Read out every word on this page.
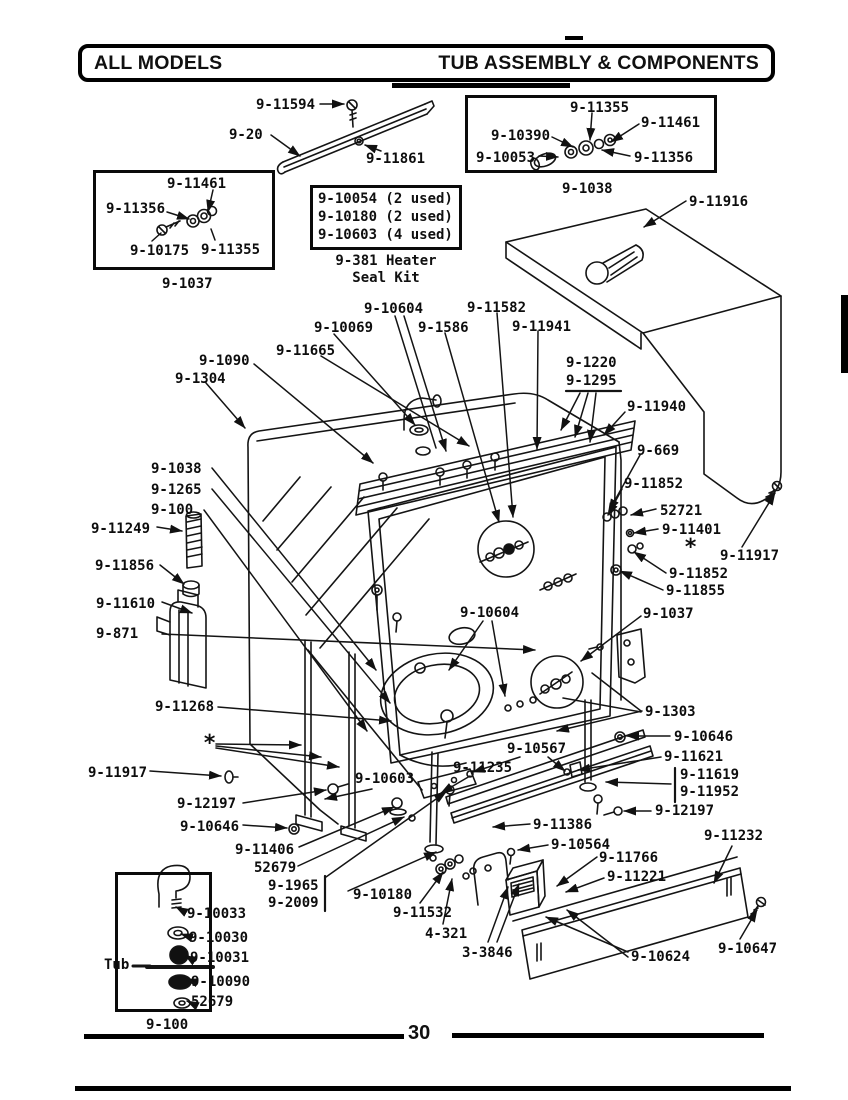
ALL MODELS	TUB ASSEMBLY & COMPONENTS
9-10054 (2 used)
9-10180 (2 used)
9-10603 (4 used)
9-381 Heater
Seal Kit
9-11594
9-20
9-11861
9-11355
9-11461
9-10390
9-10053	9-11356
9-1038
9-11461
9-11356
9-10175 9-11355
9-1037
9-11916
9-10604	9-11582
9-10069	9-1586	9-11941
9-11665
9-1090
9-1304
9-1220
9-1295
9-11940
9-669
9-1038
9-11852
9-1265
9-100	52721
9-11249	9-11401
* 9-11917
9-11856	9-11852
9-11855
9-11610
9-10604	9-1037
9-871
9-11268	9-1303
*	9-10646
9-10567	9-11621
9-11235
9-11917	9-11619
9-10603
9-11952
9-12197	9-12197
9-11386
9-10646
9-11232
9-10564
9-11406	9-11766
52679
9-11221
9-1965
9-10180
9-2009
9-11532
9-10033
4-321
9-10030
9-10647
3-3846	9-10624
9-10031
Tub
9-10090
52679
9-100	30
